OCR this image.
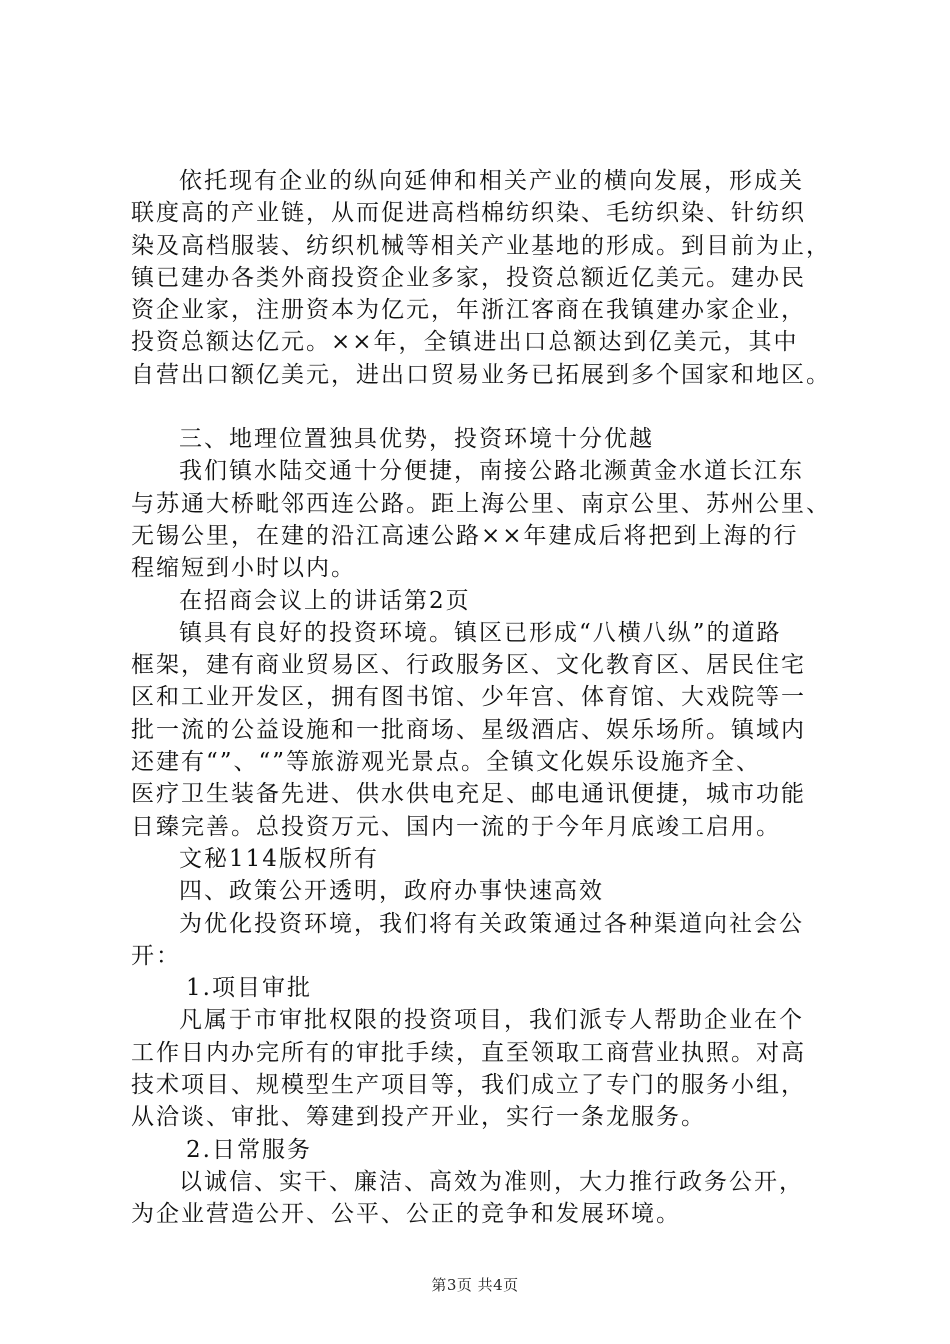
依托现有企业的纵向延伸和相关产业的横向发展，形成关
联度高的产业链，从而促进高档棉纺织染、毛纺织染、针纺织
染及高档服装、纺织机械等相关产业基地的形成。到目前为止，
镇已建办各类外商投资企业多家，投资总额近亿美元。建办民
资企业家，注册资本为亿元，年浙江客商在我镇建办家企业，
投资总额达亿元。××年，全镇进出口总额达到亿美元，其中
自营出口额亿美元，进出口贸易业务已拓展到多个国家和地区。
三、地理位置独具优势，投资环境十分优越
我们镇水陆交通十分便捷，南接公路北濒黄金水道长江东
与苏通大桥毗邻西连公路。距上海公里、南京公里、苏州公里、
无锡公里，在建的沿江高速公路××年建成后将把到上海的行
程缩短到小时以内。
在招商会议上的讲话第2页
镇具有良好的投资环境。镇区已形成“八横八纵”的道路
框架，建有商业贸易区、行政服务区、文化教育区、居民住宅
区和工业开发区，拥有图书馆、少年宫、体育馆、大戏院等一
批一流的公益设施和一批商场、星级酒店、娱乐场所。镇域内
还建有“”、“”等旅游观光景点。全镇文化娱乐设施齐全、
医疗卫生装备先进、供水供电充足、邮电通讯便捷，城市功能
日臻完善。总投资万元、国内一流的于今年月底竣工启用。
文秘114版权所有
四、政策公开透明，政府办事快速高效
为优化投资环境，我们将有关政策通过各种渠道向社会公
开：
1.项目审批
凡属于市审批权限的投资项目，我们派专人帮助企业在个
工作日内办完所有的审批手续，直至领取工商营业执照。对高
技术项目、规模型生产项目等，我们成立了专门的服务小组，
从洽谈、审批、筹建到投产开业，实行一条龙服务。
2.日常服务
以诚信、实干、廉洁、高效为准则，大力推行政务公开，
为企业营造公开、公平、公正的竞争和发展环境。
第3页 共4页
